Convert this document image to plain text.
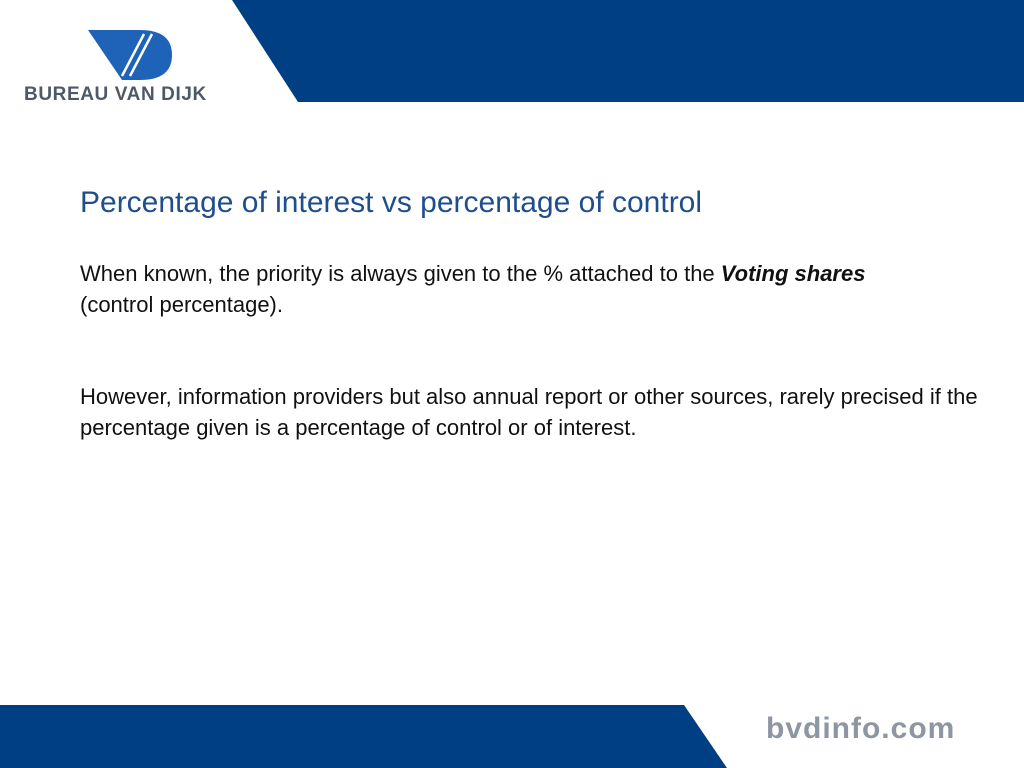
BUREAU VAN DIJK
Percentage of interest vs percentage of control

When known, the priority is always given to the % attached to the Voting shares (control percentage).

However, information providers but also annual report or other sources, rarely precised if the percentage given is a percentage of control or of interest.

bvdinfo.com
